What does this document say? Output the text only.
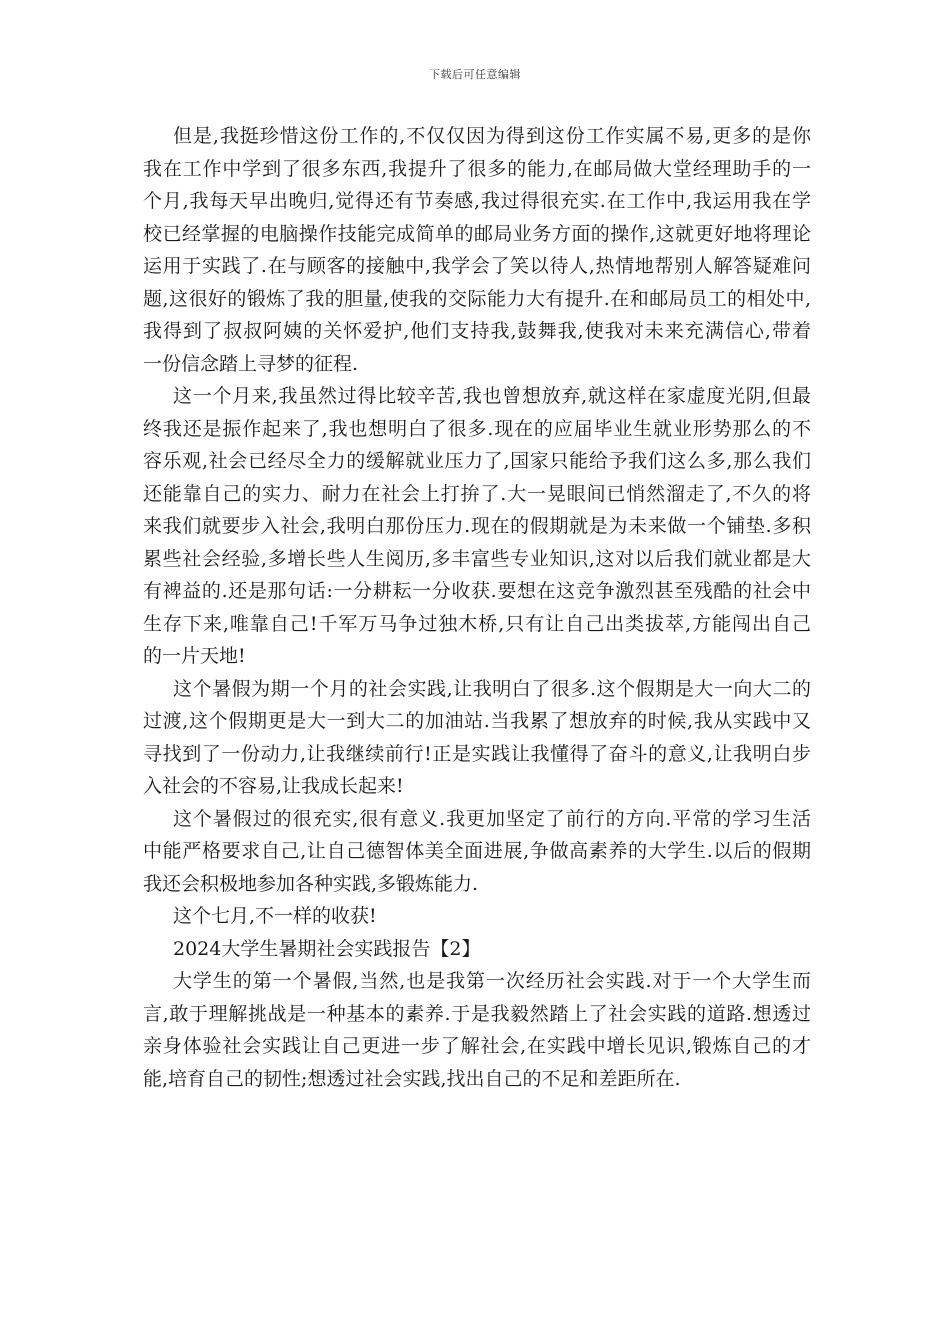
下载后可任意编辑
但是,我挺珍惜这份工作的,不仅仅因为得到这份工作实属不易,更多的是你
我在工作中学到了很多东西,我提升了很多的能力,在邮局做大堂经理助手的一
个月,我每天早出晚归,觉得还有节奏感,我过得很充实.在工作中,我运用我在学
校已经掌握的电脑操作技能完成简单的邮局业务方面的操作,这就更好地将理论
运用于实践了.在与顾客的接触中,我学会了笑以待人,热情地帮别人解答疑难问
题,这很好的锻炼了我的胆量,使我的交际能力大有提升.在和邮局员工的相处中,
我得到了叔叔阿姨的关怀爱护,他们支持我,鼓舞我,使我对未来充满信心,带着
一份信念踏上寻梦的征程.
这一个月来,我虽然过得比较辛苦,我也曾想放弃,就这样在家虚度光阴,但最
终我还是振作起来了,我也想明白了很多.现在的应届毕业生就业形势那么的不
容乐观,社会已经尽全力的缓解就业压力了,国家只能给予我们这么多,那么我们
还能靠自己的实力、耐力在社会上打拚了.大一晃眼间已悄然溜走了,不久的将
来我们就要步入社会,我明白那份压力.现在的假期就是为未来做一个铺垫.多积
累些社会经验,多增长些人生阅历,多丰富些专业知识,这对以后我们就业都是大
有裨益的.还是那句话:一分耕耘一分收获.要想在这竞争激烈甚至残酷的社会中
生存下来,唯靠自己!千军万马争过独木桥,只有让自己出类拔萃,方能闯出自己
的一片天地!
这个暑假为期一个月的社会实践,让我明白了很多.这个假期是大一向大二的
过渡,这个假期更是大一到大二的加油站.当我累了想放弃的时候,我从实践中又
寻找到了一份动力,让我继续前行!正是实践让我懂得了奋斗的意义,让我明白步
入社会的不容易,让我成长起来!
这个暑假过的很充实,很有意义.我更加坚定了前行的方向.平常的学习生活
中能严格要求自己,让自己德智体美全面进展,争做高素养的大学生.以后的假期
我还会积极地参加各种实践,多锻炼能力.
这个七月,不一样的收获!
2024大学生暑期社会实践报告【2】
大学生的第一个暑假,当然,也是我第一次经历社会实践.对于一个大学生而
言,敢于理解挑战是一种基本的素养.于是我毅然踏上了社会实践的道路.想透过
亲身体验社会实践让自己更进一步了解社会,在实践中增长见识,锻炼自己的才
能,培育自己的韧性;想透过社会实践,找出自己的不足和差距所在.
